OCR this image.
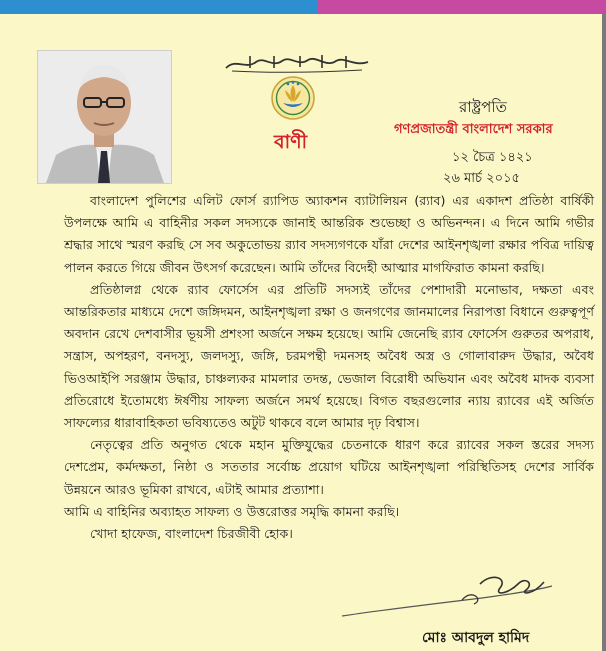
বাণী
রাষ্ট্রপতি
গণপ্রজাতন্ত্রী বাংলাদেশ সরকার
১২ চৈত্র ১৪২১
২৬ মার্চ ২০১৫

বাংলাদেশ পুলিশের এলিট ফোর্স র‍্যাপিড অ্যাকশন ব্যাটালিয়ন (র‍্যাব) এর একাদশ প্রতিষ্ঠা বার্ষিকী উপলক্ষে আমি এ বাহিনীর সকল সদস্যকে জানাই আন্তরিক শুভেচ্ছা ও অভিনন্দন। এ দিনে আমি গভীর শ্রদ্ধার সাথে স্মরণ করছি সে সব অকুতোভয় র‍্যাব সদস্যগণকে যাঁরা দেশের আইনশৃঙ্খলা রক্ষার পবিত্র দায়িত্ব পালন করতে গিয়ে জীবন উৎসর্গ করেছেন। আমি তাঁদের বিদেহী আত্মার মাগফিরাত কামনা করছি।

প্রতিষ্ঠালগ্ন থেকে র‍্যাব ফোর্সেস এর প্রতিটি সদস্যই তাঁদের পেশাদারী মনোভাব, দক্ষতা এবং আন্তরিকতার মাধ্যমে দেশে জঙ্গিদমন, আইনশৃঙ্খলা রক্ষা ও জনগণের জানমালের নিরাপত্তা বিধানে গুরুত্বপূর্ণ অবদান রেখে দেশবাসীর ভূয়সী প্রশংসা অর্জনে সক্ষম হয়েছে। আমি জেনেছি র‍্যাব ফোর্সেস গুরুতর অপরাধ, সন্ত্রাস, অপহরণ, বনদস্যু, জলদস্যু, জঙ্গি, চরমপন্থী দমনসহ অবৈধ অস্ত্র ও গোলাবারুদ উদ্ধার, অবৈধ ভিওআইপি সরঞ্জাম উদ্ধার, চাঞ্চল্যকর মামলার তদন্ত, ভেজাল বিরোধী অভিযান এবং অবৈধ মাদক ব্যবসা প্রতিরোধে ইতোমধ্যে ঈর্ষণীয় সাফল্য অর্জনে সমর্থ হয়েছে। বিগত বছরগুলোর ন্যায় র‍্যাবের এই অর্জিত সাফল্যের ধারাবাহিকতা ভবিষ্যতেও অটুট থাকবে বলে আমার দৃঢ় বিশ্বাস।

নেতৃত্বের প্রতি অনুগত থেকে মহান মুক্তিযুদ্ধের চেতনাকে ধারণ করে র‍্যাবের সকল স্তরের সদস্য দেশপ্রেম, কর্মদক্ষতা, নিষ্ঠা ও সততার সর্বোচ্চ প্রয়োগ ঘটিয়ে আইনশৃঙ্খলা পরিস্থিতিসহ দেশের সার্বিক উন্নয়নে আরও ভূমিকা রাখবে, এটাই আমার প্রত্যাশা।

আমি এ বাহিনির অব্যাহত সাফল্য ও উত্তরোত্তর সমৃদ্ধি কামনা করছি।

খোদা হাফেজ, বাংলাদেশ চিরজীবী হোক।

মোঃ আবদুল হামিদ
